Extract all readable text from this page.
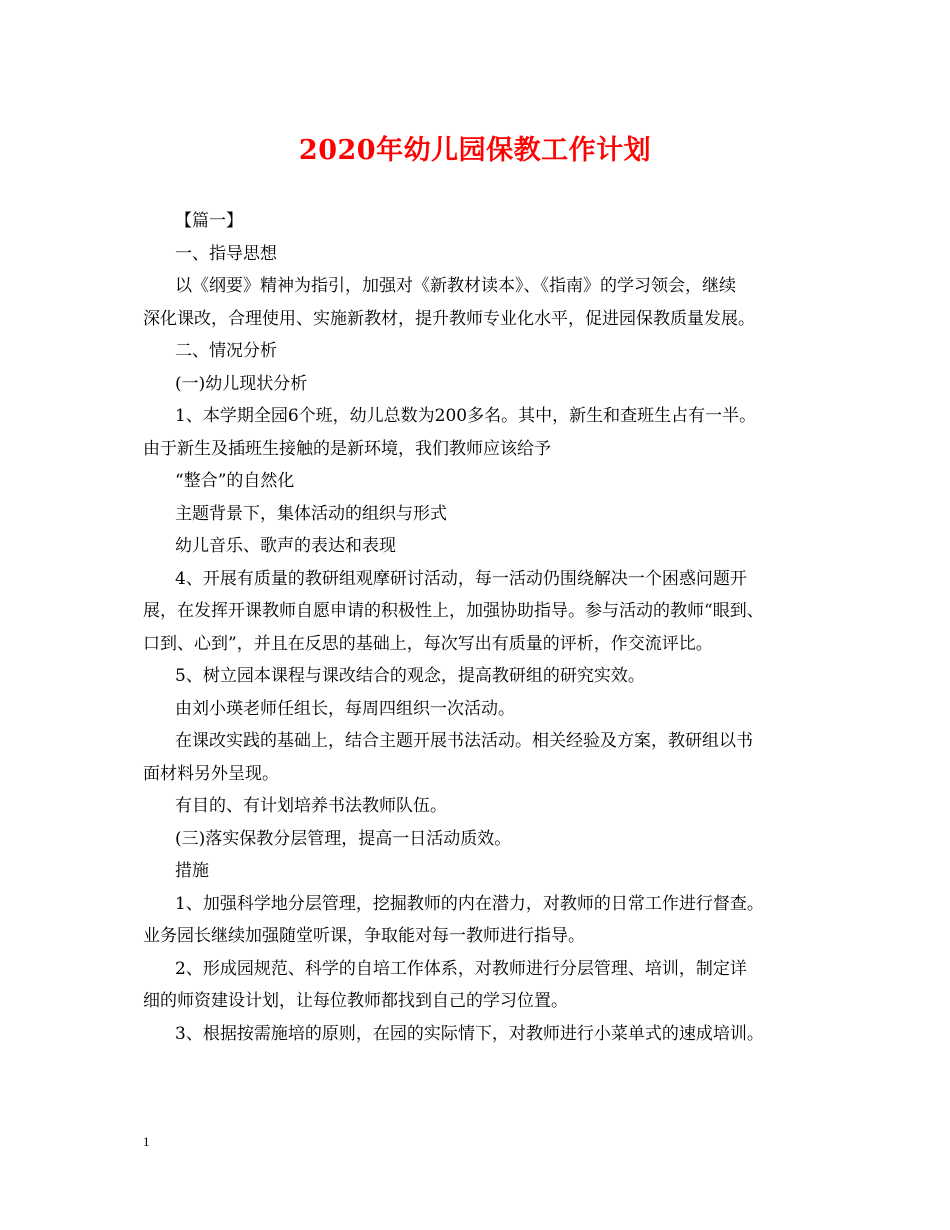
2020年幼儿园保教工作计划
【篇一】
一、指导思想
以《纲要》精神为指引，加强对《新教材读本》、《指南》的学习领会，继续
深化课改，合理使用、实施新教材，提升教师专业化水平，促进园保教质量发展。
二、情况分析
(一)幼儿现状分析
1、本学期全园6个班，幼儿总数为200多名。其中，新生和查班生占有一半。
由于新生及插班生接触的是新环境，我们教师应该给予
“整合”的自然化
主题背景下，集体活动的组织与形式
幼儿音乐、歌声的表达和表现
4、开展有质量的教研组观摩研讨活动，每一活动仍围绕解决一个困惑问题开
展，在发挥开课教师自愿申请的积极性上，加强协助指导。参与活动的教师“眼到、
口到、心到”，并且在反思的基础上，每次写出有质量的评析，作交流评比。
5、树立园本课程与课改结合的观念，提高教研组的研究实效。
由刘小瑛老师任组长，每周四组织一次活动。
在课改实践的基础上，结合主题开展书法活动。相关经验及方案，教研组以书
面材料另外呈现。
有目的、有计划培养书法教师队伍。
(三)落实保教分层管理，提高一日活动质效。
措施
1、加强科学地分层管理，挖掘教师的内在潜力，对教师的日常工作进行督查。
业务园长继续加强随堂听课，争取能对每一教师进行指导。
2、形成园规范、科学的自培工作体系，对教师进行分层管理、培训，制定详
细的师资建设计划，让每位教师都找到自己的学习位置。
3、根据按需施培的原则，在园的实际情下，对教师进行小菜单式的速成培训。
1
